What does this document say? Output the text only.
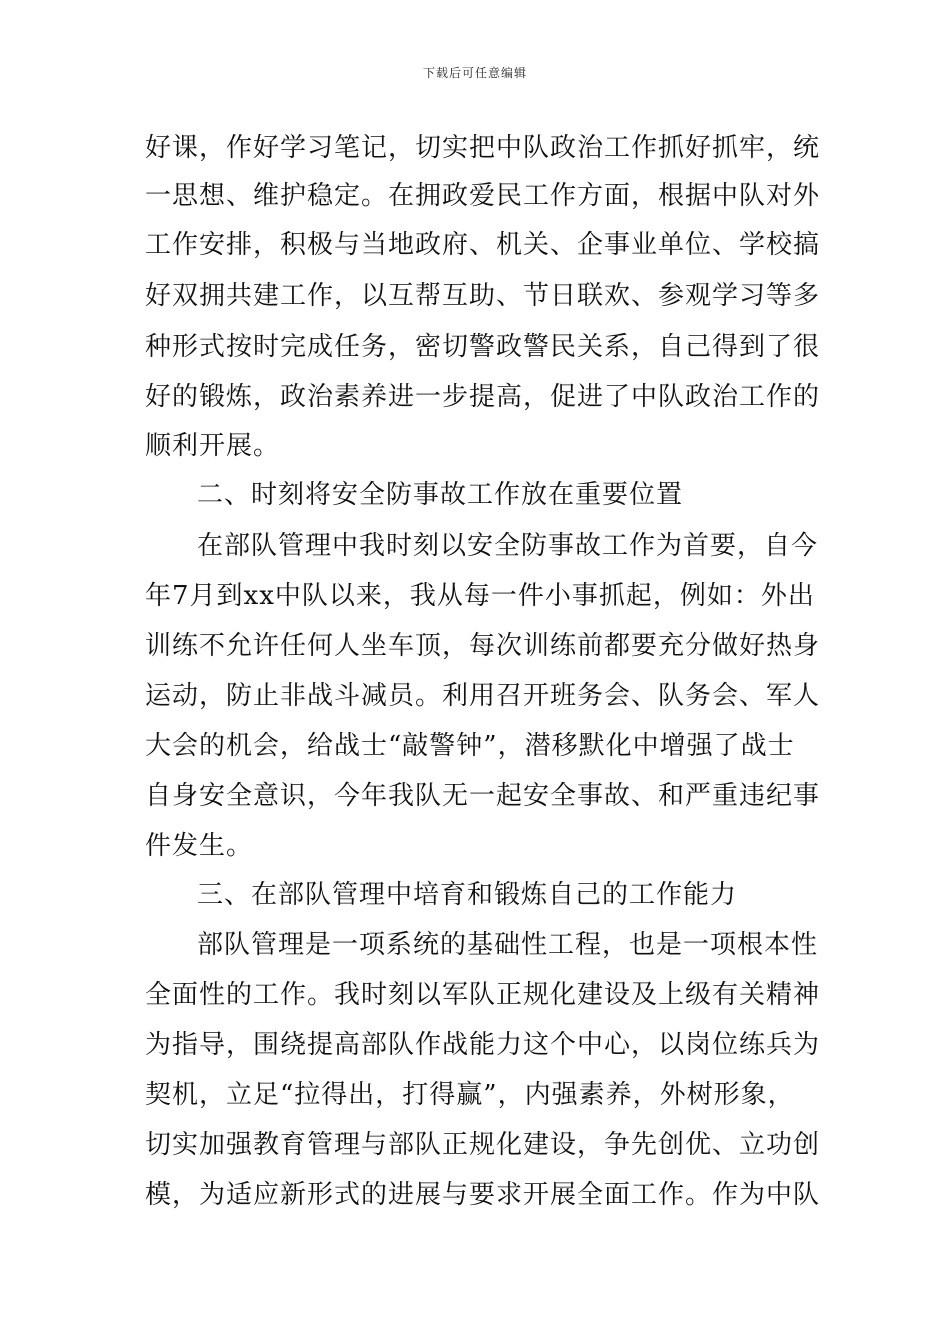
下载后可任意编辑
好课，作好学习笔记，切实把中队政治工作抓好抓牢，统
一思想、维护稳定。在拥政爱民工作方面，根据中队对外
工作安排，积极与当地政府、机关、企事业单位、学校搞
好双拥共建工作，以互帮互助、节日联欢、参观学习等多
种形式按时完成任务，密切警政警民关系，自己得到了很
好的锻炼，政治素养进一步提高，促进了中队政治工作的
顺利开展。
二、时刻将安全防事故工作放在重要位置
在部队管理中我时刻以安全防事故工作为首要，自今
年7月到xx中队以来，我从每一件小事抓起，例如：外出
训练不允许任何人坐车顶，每次训练前都要充分做好热身
运动，防止非战斗减员。利用召开班务会、队务会、军人
大会的机会，给战士“敲警钟”，潜移默化中增强了战士
自身安全意识，今年我队无一起安全事故、和严重违纪事
件发生。
三、在部队管理中培育和锻炼自己的工作能力
部队管理是一项系统的基础性工程，也是一项根本性
全面性的工作。我时刻以军队正规化建设及上级有关精神
为指导，围绕提高部队作战能力这个中心，以岗位练兵为
契机，立足“拉得出，打得赢”，内强素养，外树形象，
切实加强教育管理与部队正规化建设，争先创优、立功创
模，为适应新形式的进展与要求开展全面工作。作为中队
